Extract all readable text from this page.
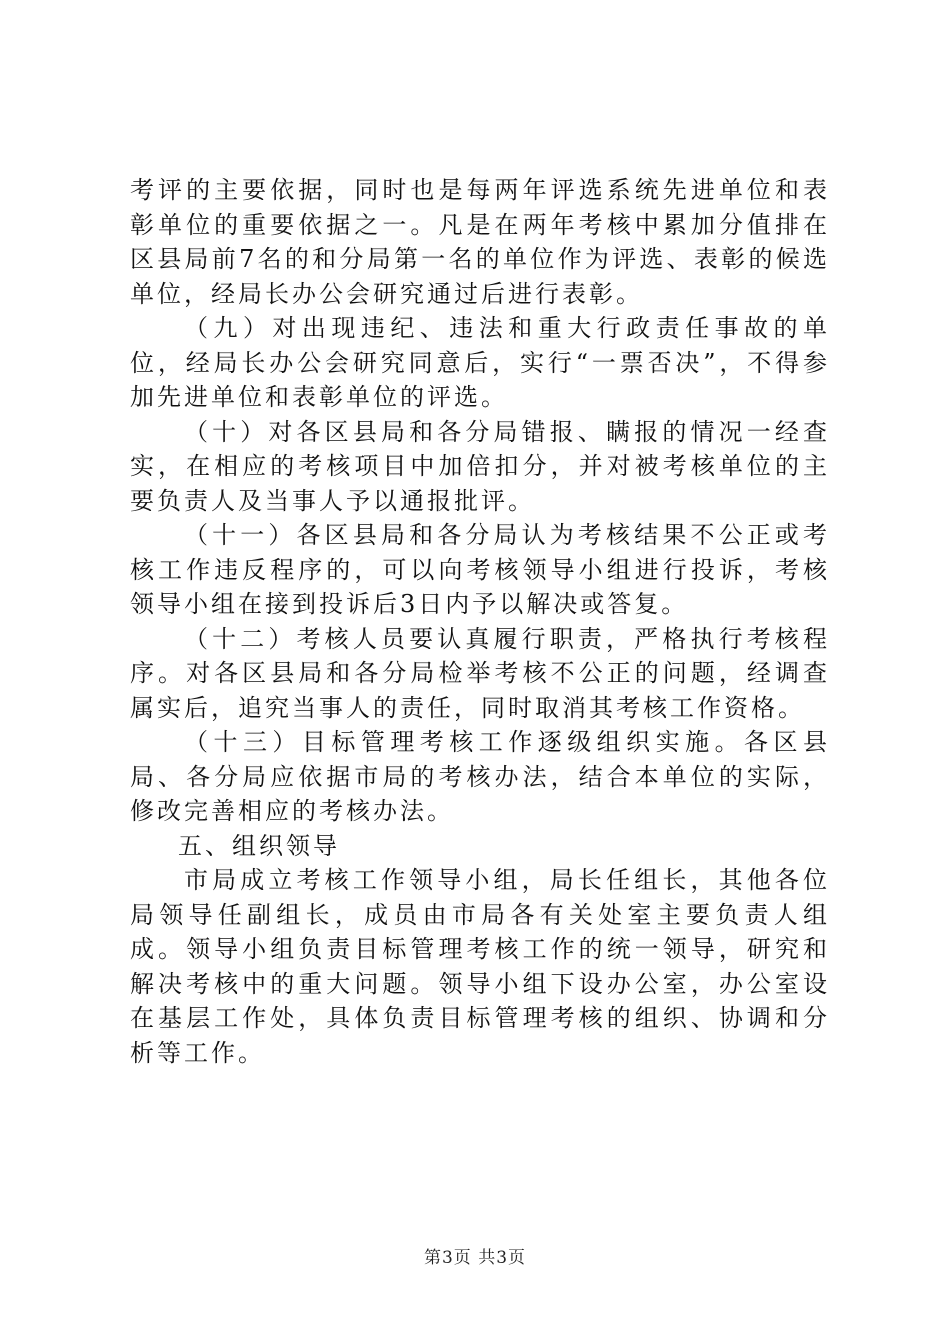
考评的主要依据，同时也是每两年评选系统先进单位和表彰单位的重要依据之一。凡是在两年考核中累加分值排在区县局前7名的和分局第一名的单位作为评选、表彰的候选单位，经局长办公会研究通过后进行表彰。

（九）对出现违纪、违法和重大行政责任事故的单位，经局长办公会研究同意后，实行“一票否决”，不得参加先进单位和表彰单位的评选。

（十）对各区县局和各分局错报、瞒报的情况一经查实，在相应的考核项目中加倍扣分，并对被考核单位的主要负责人及当事人予以通报批评。

（十一）各区县局和各分局认为考核结果不公正或考核工作违反程序的，可以向考核领导小组进行投诉，考核领导小组在接到投诉后3日内予以解决或答复。

（十二）考核人员要认真履行职责，严格执行考核程序。对各区县局和各分局检举考核不公正的问题，经调查属实后，追究当事人的责任，同时取消其考核工作资格。

（十三）目标管理考核工作逐级组织实施。各区县局、各分局应依据市局的考核办法，结合本单位的实际，修改完善相应的考核办法。

五、组织领导

市局成立考核工作领导小组，局长任组长，其他各位局领导任副组长，成员由市局各有关处室主要负责人组成。领导小组负责目标管理考核工作的统一领导，研究和解决考核中的重大问题。领导小组下设办公室，办公室设在基层工作处，具体负责目标管理考核的组织、协调和分析等工作。

第3页 共3页
